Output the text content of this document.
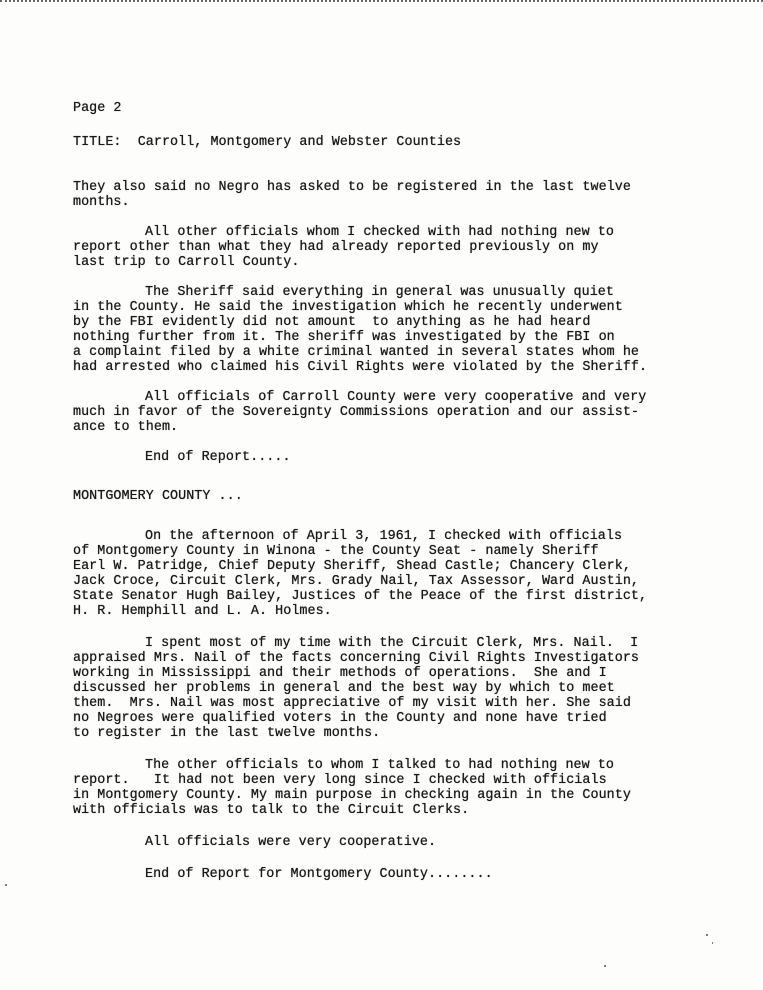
Page 2
TITLE: Carroll, Montgomery and Webster Counties
They also said no Negro has asked to be registered in the last twelve
months.
All other officials whom I checked with had nothing new to
report other than what they had already reported previously on my
last trip to Carroll County.
The Sheriff said everything in general was unusually quiet
in the County. He said the investigation which he recently underwent
by the FBI evidently did not amount  to anything as he had heard
nothing further from it. The sheriff was investigated by the FBI on
a complaint filed by a white criminal wanted in several states whom he
had arrested who claimed his Civil Rights were violated by the Sheriff.
All officials of Carroll County were very cooperative and very
much in favor of the Sovereignty Commissions operation and our assist-
ance to them.
End of Report.....
MONTGOMERY COUNTY ...
On the afternoon of April 3, 1961, I checked with officials
of Montgomery County in Winona - the County Seat - namely Sheriff
Earl W. Patridge, Chief Deputy Sheriff, Shead Castle; Chancery Clerk,
Jack Croce, Circuit Clerk, Mrs. Grady Nail, Tax Assessor, Ward Austin,
State Senator Hugh Bailey, Justices of the Peace of the first district,
H. R. Hemphill and L. A. Holmes.
I spent most of my time with the Circuit Clerk, Mrs. Nail.  I
appraised Mrs. Nail of the facts concerning Civil Rights Investigators
working in Mississippi and their methods of operations.  She and I
discussed her problems in general and the best way by which to meet
them.  Mrs. Nail was most appreciative of my visit with her. She said
no Negroes were qualified voters in the County and none have tried
to register in the last twelve months.
The other officials to whom I talked to had nothing new to
report.   It had not been very long since I checked with officials
in Montgomery County. My main purpose in checking again in the County
with officials was to talk to the Circuit Clerks.
All officials were very cooperative.
End of Report for Montgomery County........
